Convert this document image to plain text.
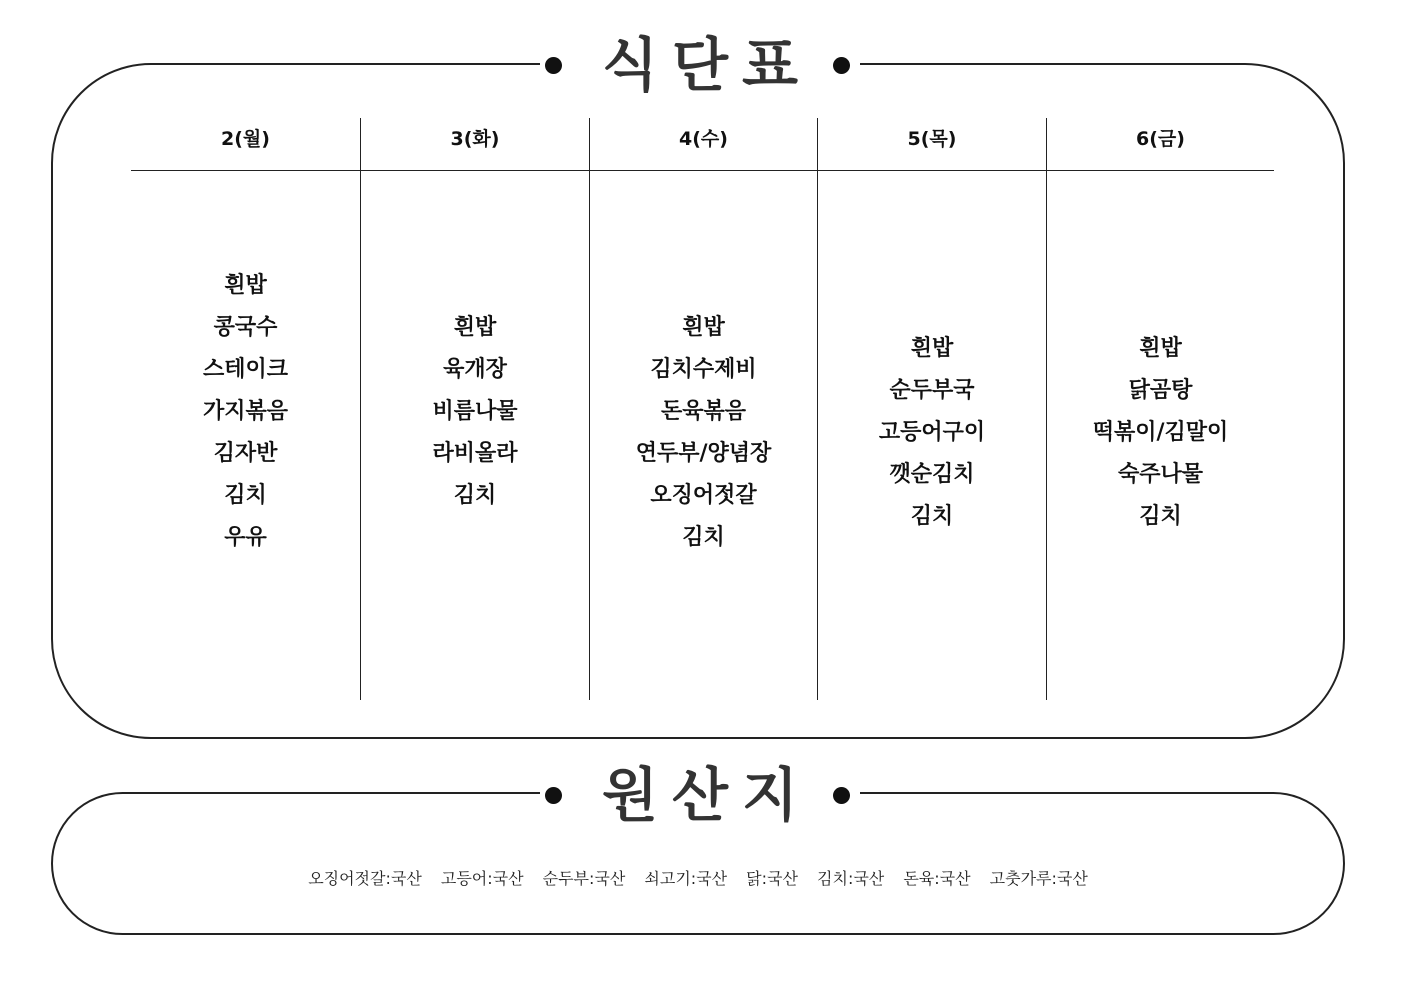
식단표
2(월)
흰밥
콩국수
스테이크
가지볶음
김자반
김치
우유
3(화)
흰밥
육개장
비름나물
라비올라
김치
4(수)
흰밥
김치수제비
돈육볶음
연두부/양념장
오징어젓갈
김치
5(목)
흰밥
순두부국
고등어구이
깻순김치
김치
6(금)
흰밥
닭곰탕
떡볶이/김말이
숙주나물
김치
원산지
오징어젓갈:국산 고등어:국산 순두부:국산 쇠고기:국산 닭:국산 김치:국산 돈육:국산 고춧가루:국산
